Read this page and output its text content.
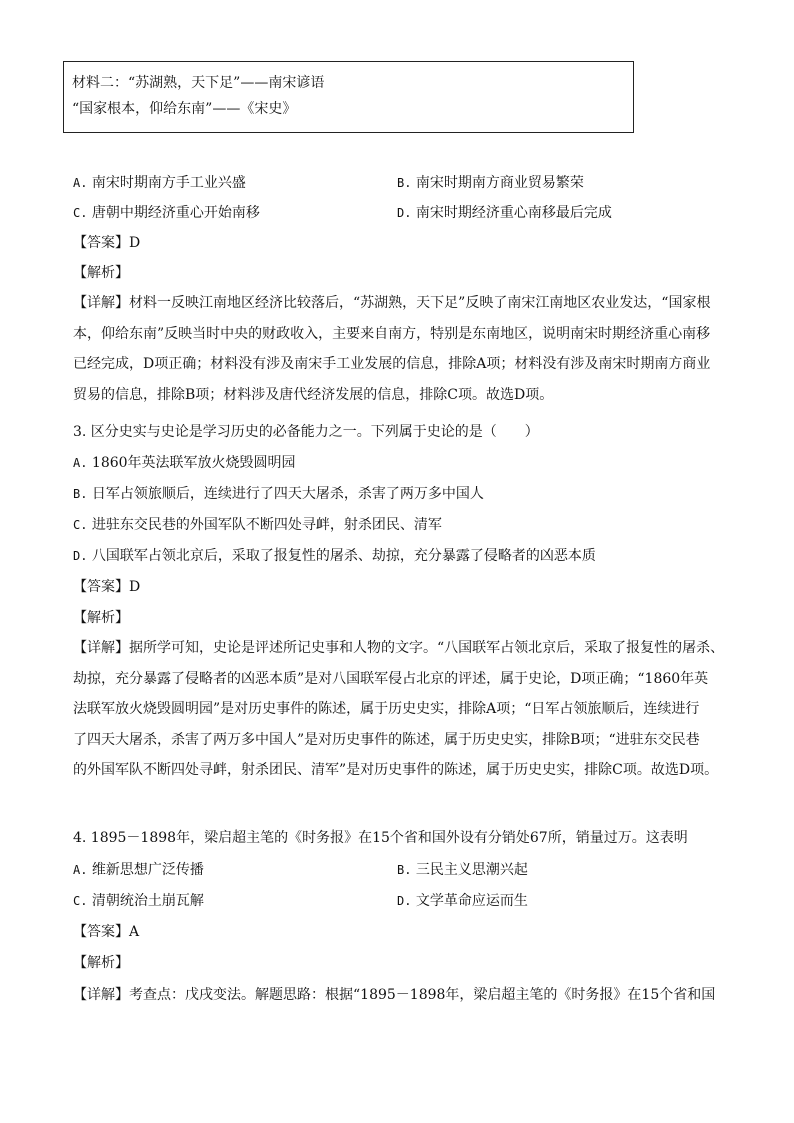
材料二：“苏湖熟，天下足”——南宋谚语
“国家根本，仰给东南”——《宋史》
A. 南宋时期南方手工业兴盛	B. 南宋时期南方商业贸易繁荣
C. 唐朝中期经济重心开始南移	D. 南宋时期经济重心南移最后完成
【答案】D
【解析】
【详解】材料一反映江南地区经济比较落后，“苏湖熟，天下足”反映了南宋江南地区农业发达，“国家根
本，仰给东南”反映当时中央的财政收入，主要来自南方，特别是东南地区，说明南宋时期经济重心南移
已经完成，D项正确；材料没有涉及南宋手工业发展的信息，排除A项；材料没有涉及南宋时期南方商业
贸易的信息，排除B项；材料涉及唐代经济发展的信息，排除C项。故选D项。
3. 区分史实与史论是学习历史的必备能力之一。下列属于史论的是（　　）
A. 1860年英法联军放火烧毁圆明园
B. 日军占领旅顺后，连续进行了四天大屠杀，杀害了两万多中国人
C. 进驻东交民巷的外国军队不断四处寻衅，射杀团民、清军
D. 八国联军占领北京后，采取了报复性的屠杀、劫掠，充分暴露了侵略者的凶恶本质
【答案】D
【解析】
【详解】据所学可知，史论是评述所记史事和人物的文字。“八国联军占领北京后，采取了报复性的屠杀、
劫掠，充分暴露了侵略者的凶恶本质”是对八国联军侵占北京的评述，属于史论，D项正确；“1860年英
法联军放火烧毁圆明园”是对历史事件的陈述，属于历史史实，排除A项；“日军占领旅顺后，连续进行
了四天大屠杀，杀害了两万多中国人”是对历史事件的陈述，属于历史史实，排除B项；“进驻东交民巷
的外国军队不断四处寻衅，射杀团民、清军”是对历史事件的陈述，属于历史史实，排除C项。故选D项。
4. 1895－1898年，梁启超主笔的《时务报》在15个省和国外设有分销处67所，销量过万。这表明
A. 维新思想广泛传播	B. 三民主义思潮兴起
C. 清朝统治土崩瓦解	D. 文学革命应运而生
【答案】A
【解析】
【详解】考查点：戊戌变法。解题思路：根据“1895－1898年，梁启超主笔的《时务报》在15个省和国
